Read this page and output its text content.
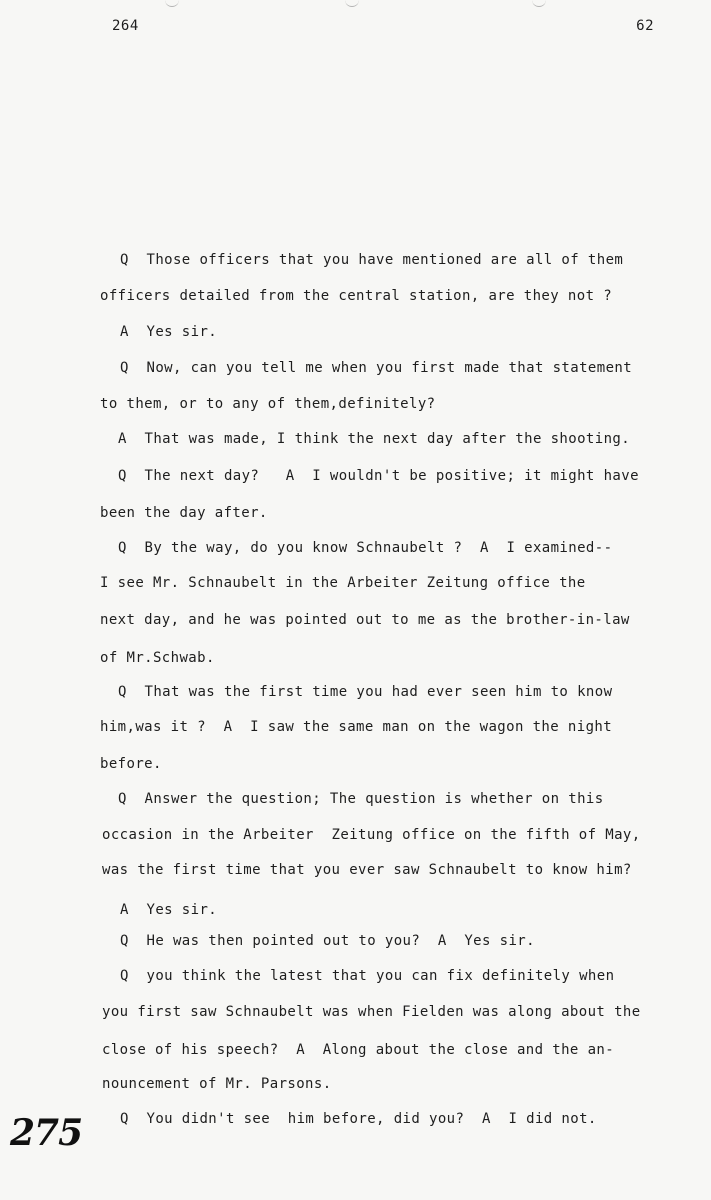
264	62
Q  Those officers that you have mentioned are all of them
officers detailed from the central station, are they not ?
A  Yes sir.
Q  Now, can you tell me when you first made that statement
to them, or to any of them,definitely?
A  That was made, I think the next day after the shooting.
Q  The next day?   A  I wouldn't be positive; it might have
been the day after.
Q  By the way, do you know Schnaubelt ?  A  I examined--
I see Mr. Schnaubelt in the Arbeiter Zeitung office the
next day, and he was pointed out to me as the brother-in-law
of Mr.Schwab.
Q  That was the first time you had ever seen him to know
him,was it ?  A  I saw the same man on the wagon the night
before.
Q  Answer the question; The question is whether on this
occasion in the Arbeiter  Zeitung office on the fifth of May,
was the first time that you ever saw Schnaubelt to know him?
A  Yes sir.
Q  He was then pointed out to you?  A  Yes sir.
Q  you think the latest that you can fix definitely when
you first saw Schnaubelt was when Fielden was along about the
close of his speech?  A  Along about the close and the an-
nouncement of Mr. Parsons.
Q  You didn't see  him before, did you?  A  I did not.
275
